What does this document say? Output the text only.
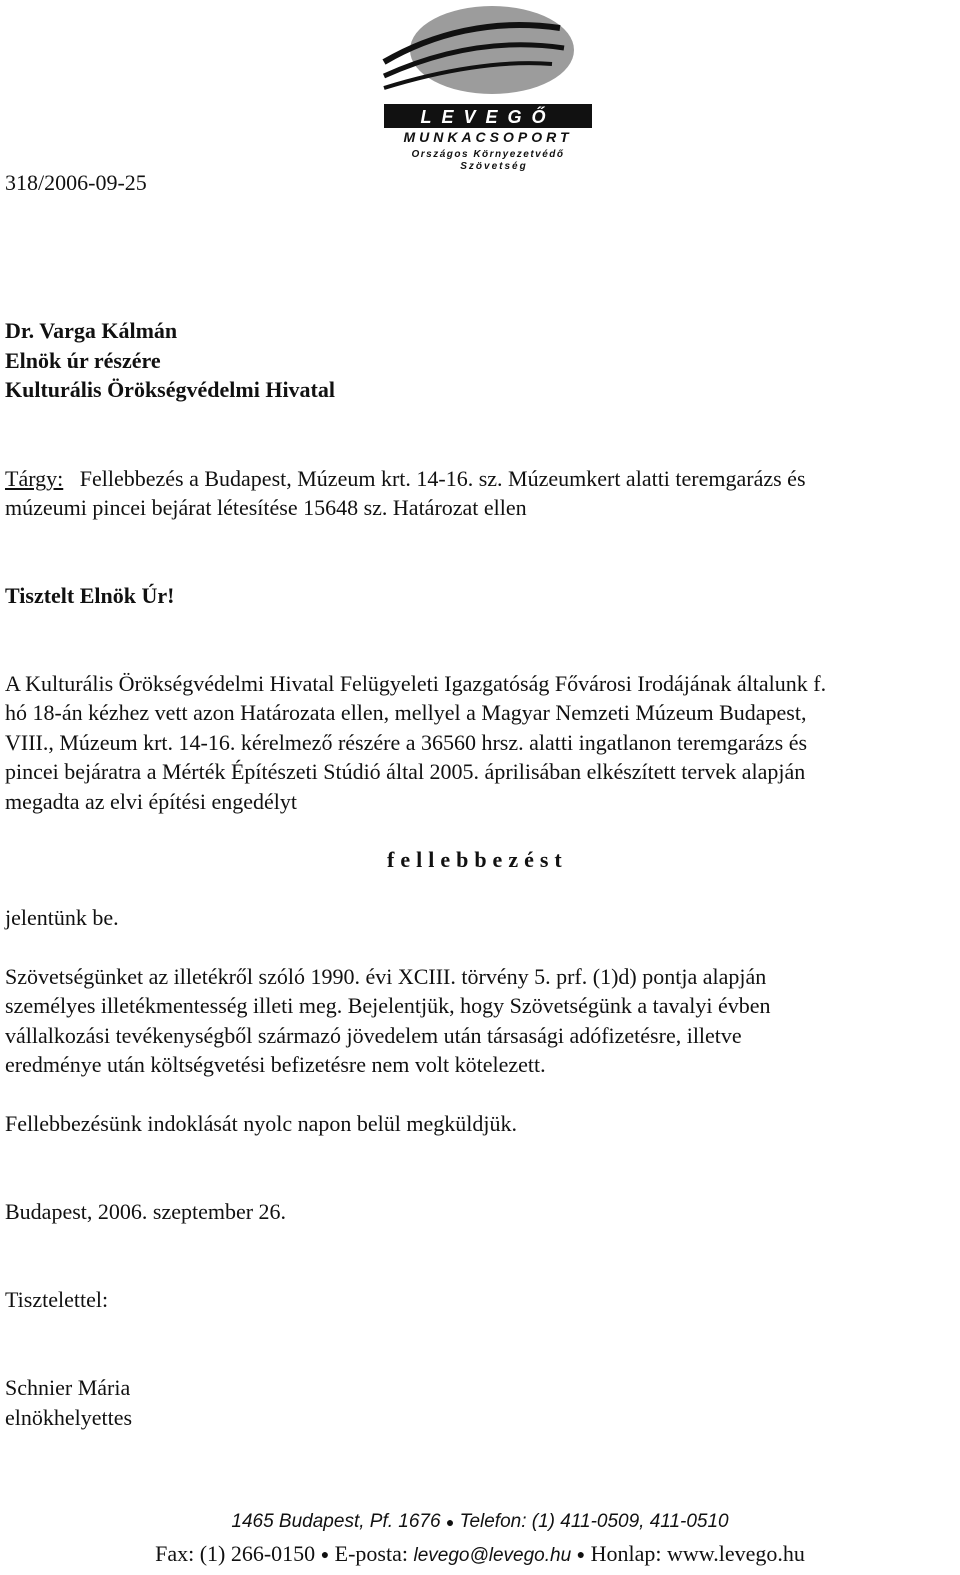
LEVEGŐ
MUNKACSOPORT
Országos Környezetvédő
Szövetség
318/2006-09-25
Dr. Varga Kálmán
Elnök úr részére
Kulturális Örökségvédelmi Hivatal
Tárgy: Fellebbezés a Budapest, Múzeum krt. 14-16. sz. Múzeumkert alatti teremgarázs és
múzeumi pincei bejárat létesítése 15648 sz. Határozat ellen
Tisztelt Elnök Úr!
A Kulturális Örökségvédelmi Hivatal Felügyeleti Igazgatóság Fővárosi Irodájának általunk f.
hó 18-án kézhez vett azon Határozata ellen, mellyel a Magyar Nemzeti Múzeum Budapest,
VIII., Múzeum krt. 14-16. kérelmező részére a 36560 hrsz. alatti ingatlanon teremgarázs és
pincei bejáratra a Mérték Építészeti Stúdió által 2005. áprilisában elkészített tervek alapján
megadta az elvi építési engedélyt
fellebbezést
jelentünk be.
Szövetségünket az illetékről szóló 1990. évi XCIII. törvény 5. prf. (1)d) pontja alapján
személyes illetékmentesség illeti meg. Bejelentjük, hogy Szövetségünk a tavalyi évben
vállalkozási tevékenységből származó jövedelem után társasági adófizetésre, illetve
eredménye után költségvetési befizetésre nem volt kötelezett.
Fellebbezésünk indoklását nyolc napon belül megküldjük.
Budapest, 2006. szeptember 26.
Tisztelettel:
Schnier Mária
elnökhelyettes
1465 Budapest, Pf. 1676 ● Telefon: (1) 411-0509, 411-0510
Fax: (1) 266-0150 ● E-posta: levego@levego.hu ● Honlap: www.levego.hu
